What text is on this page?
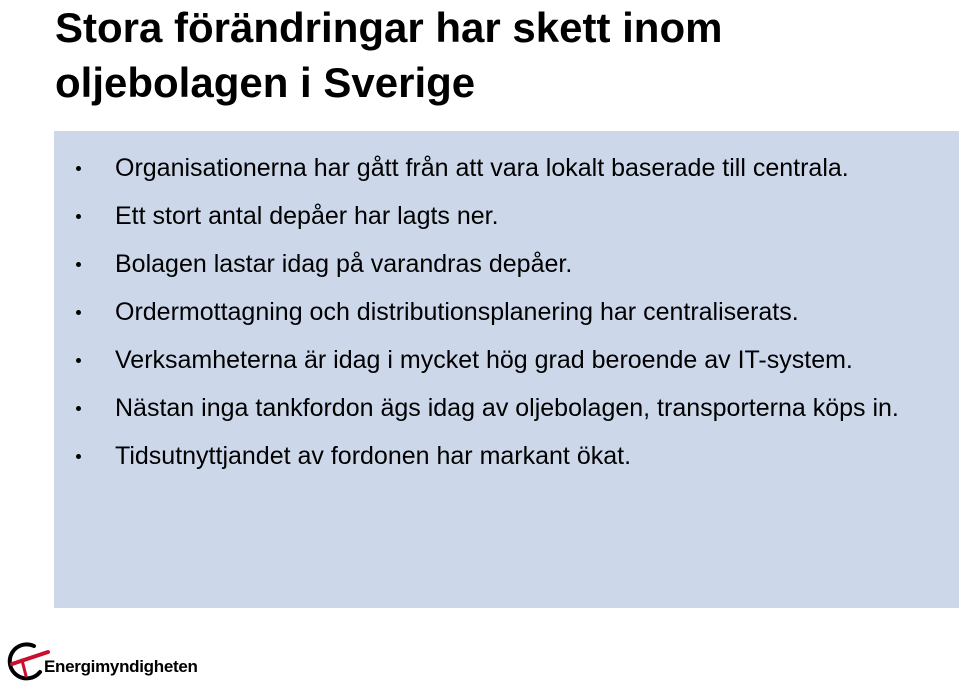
Stora förändringar har skett inom oljebolagen i Sverige
Organisationerna har gått från att vara lokalt baserade till centrala.
Ett stort antal depåer har lagts ner.
Bolagen lastar idag på varandras depåer.
Ordermottagning och distributionsplanering har centraliserats.
Verksamheterna är idag i mycket hög grad beroende av IT-system.
Nästan inga tankfordon ägs idag av oljebolagen, transporterna köps in.
Tidsutnyttjandet av fordonen har markant ökat.
Energimyndigheten
